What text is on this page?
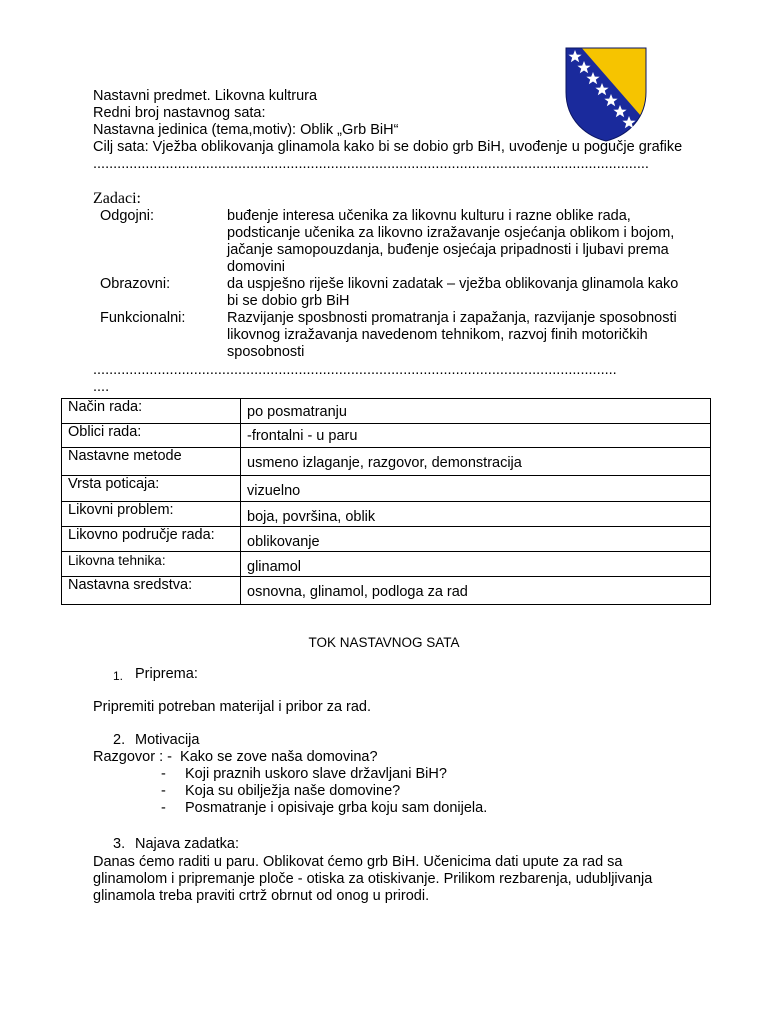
Nastavni predmet. Likovna kultrura
Redni broj nastavnog sata:
Nastavna jedinica (tema,motiv): Oblik „Grb BiH“
Cilj sata: Vježba oblikovanja glinamola kako bi se dobio grb BiH, uvođenje u pogučje grafike
..........................................................................................................................................
Zadaci:
Odgojni:	buđenje interesa učenika za likovnu kulturu i razne oblike rada, podsticanje učenika za likovno izražavanje osjećanja oblikom i bojom, jačanje samopouzdanja, buđenje osjećaja pripadnosti i ljubavi prema domovini
Obrazovni:	da uspješno riješe likovni zadatak – vježba oblikovanja glinamola kako bi se dobio grb BiH
Funkcionalni:	Razvijanje sposbnosti promatranja i zapažanja, razvijanje sposobnosti likovnog izražavanja navedenom tehnikom, razvoj finih motoričkih sposobnosti
..................................................................................................................................
....
Način rada:	po posmatranju
Oblici rada:	-frontalni - u paru
Nastavne metode	usmeno izlaganje, razgovor, demonstracija
Vrsta poticaja:	vizuelno
Likovni problem:	boja, površina, oblik
Likovno područje rada:	oblikovanje
Likovna tehnika:	glinamol
Nastavna sredstva:	osnovna, glinamol, podloga za rad
TOK NASTAVNOG SATA
1. Priprema:
Pripremiti potreban materijal i pribor za rad.
2. Motivacija
Razgovor : -  Kako se zove naša domovina?
-	Koji praznih uskoro slave državljani BiH?
-	Koja su obilježja naše domovine?
-	Posmatranje i opisivaje grba koju sam donijela.
3. Najava zadatka:
Danas ćemo raditi u paru. Oblikovat ćemo grb BiH. Učenicima dati upute za rad sa glinamolom i pripremanje ploče - otiska za otiskivanje. Prilikom rezbarenja, udubljivanja glinamola treba praviti crtrž obrnut od onog u prirodi.
